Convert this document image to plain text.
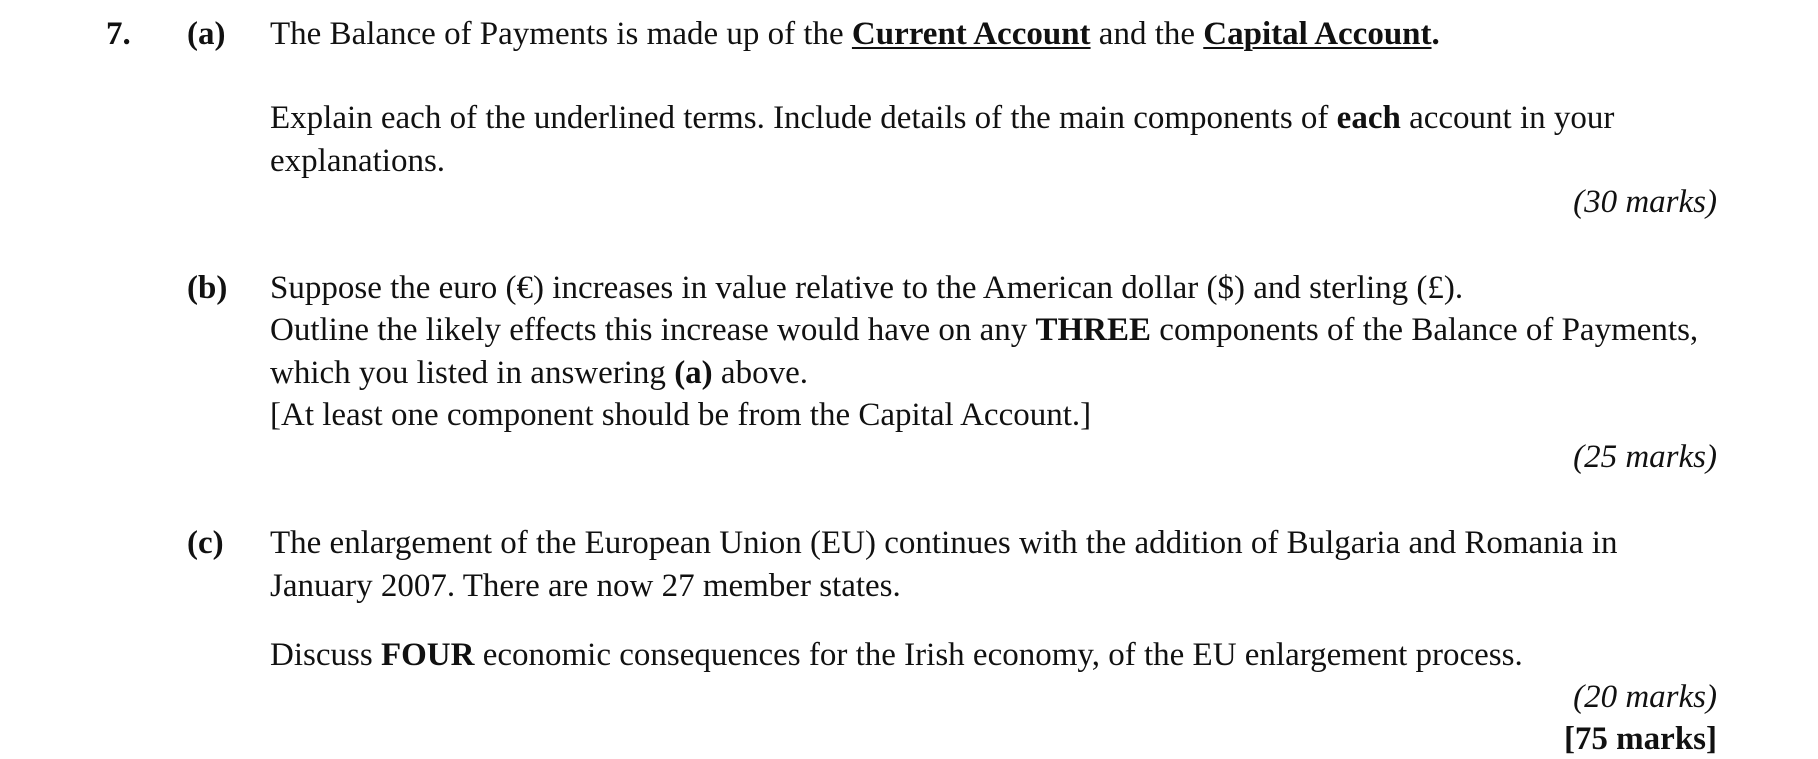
7. (a) The Balance of Payments is made up of the Current Account and the Capital Account.

Explain each of the underlined terms. Include details of the main components of each account in your explanations.

(30 marks)
(b) Suppose the euro (€) increases in value relative to the American dollar ($) and sterling (£).

Outline the likely effects this increase would have on any THREE components of the Balance of Payments, which you listed in answering (a) above.

[At least one component should be from the Capital Account.]

(25 marks)
(c) The enlargement of the European Union (EU) continues with the addition of Bulgaria and Romania in January 2007. There are now 27 member states.

Discuss FOUR economic consequences for the Irish economy, of the EU enlargement process.

(20 marks)
[75 marks]
